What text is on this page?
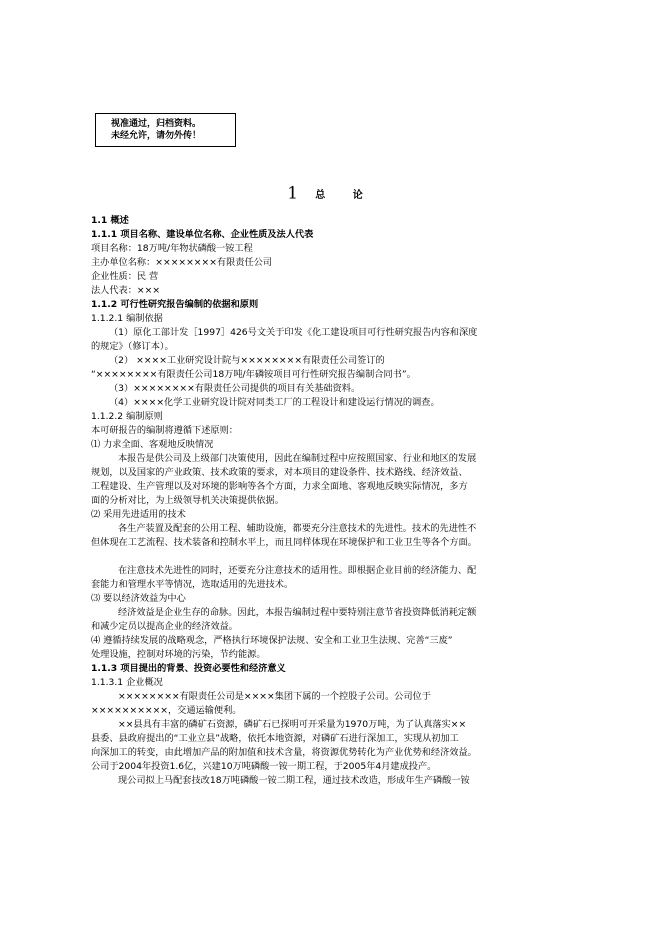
视准通过，归档资料。
未经允许，请勿外传！
1 总 论
1.1 概述
1.1.1 项目名称、建设单位名称、企业性质及法人代表
项目名称：18万吨/年物状磷酸一铵工程
主办单位名称：××××××××有限责任公司
企业性质：民 营
法人代表：×××
1.1.2 可行性研究报告编制的依据和原则
1.1.2.1 编制依据
（1）原化工部计发［1997］426号文关于印发《化工建设项目可行性研究报告内容和深度
的规定》（修订本）。
（2） ××××工业研究设计院与××××××××有限责任公司签订的
“××××××××有限责任公司18万吨/年磷铵项目可行性研究报告编制合同书”。
（3）××××××××有限责任公司提供的项目有关基础资料。
（4）××××化学工业研究设计院对同类工厂的工程设计和建设运行情况的调查。
1.1.2.2 编制原则
本可研报告的编制将遵循下述原则：
⑴ 力求全面、客观地反映情况
本报告是供公司及上级部门决策使用，因此在编制过程中应按照国家、行业和地区的发展
规划，以及国家的产业政策、技术政策的要求，对本项目的建设条件、技术路线、经济效益、
工程建设、生产管理以及对环境的影响等各个方面，力求全面地、客观地反映实际情况，多方
面的分析对比，为上级领导机关决策提供依据。
⑵ 采用先进适用的技术
各生产装置及配套的公用工程、辅助设施，都要充分注意技术的先进性。技术的先进性不
但体现在工艺流程、技术装备和控制水平上，而且同样体现在环境保护和工业卫生等各个方面。
在注意技术先进性的同时，还要充分注意技术的适用性。即根据企业目前的经济能力、配
套能力和管理水平等情况，选取适用的先进技术。
⑶ 要以经济效益为中心
经济效益是企业生存的命脉。因此，本报告编制过程中要特别注意节省投资降低消耗定额
和减少定员以提高企业的经济效益。
⑷ 遵循持续发展的战略观念，严格执行环境保护法规、安全和工业卫生法规、完善“三废”
处理设施，控制对环境的污染，节约能源。
1.1.3 项目提出的背景、投资必要性和经济意义
1.1.3.1 企业概况
××××××××有限责任公司是××××集团下属的一个控股子公司。公司位于
××××××××××，交通运输便利。
××县具有丰富的磷矿石资源，磷矿石已探明可开采量为1970万吨，为了认真落实××
县委、县政府提出的“工业立县”战略，依托本地资源，对磷矿石进行深加工，实现从初加工
向深加工的转变，由此增加产品的附加值和技术含量，将资源优势转化为产业优势和经济效益。
公司于2004年投资1.6亿，兴建10万吨磷酸一铵一期工程，于2005年4月建成投产。
现公司拟上马配套技改18万吨磷酸一铵二期工程，通过技术改造，形成年生产磷酸一铵
